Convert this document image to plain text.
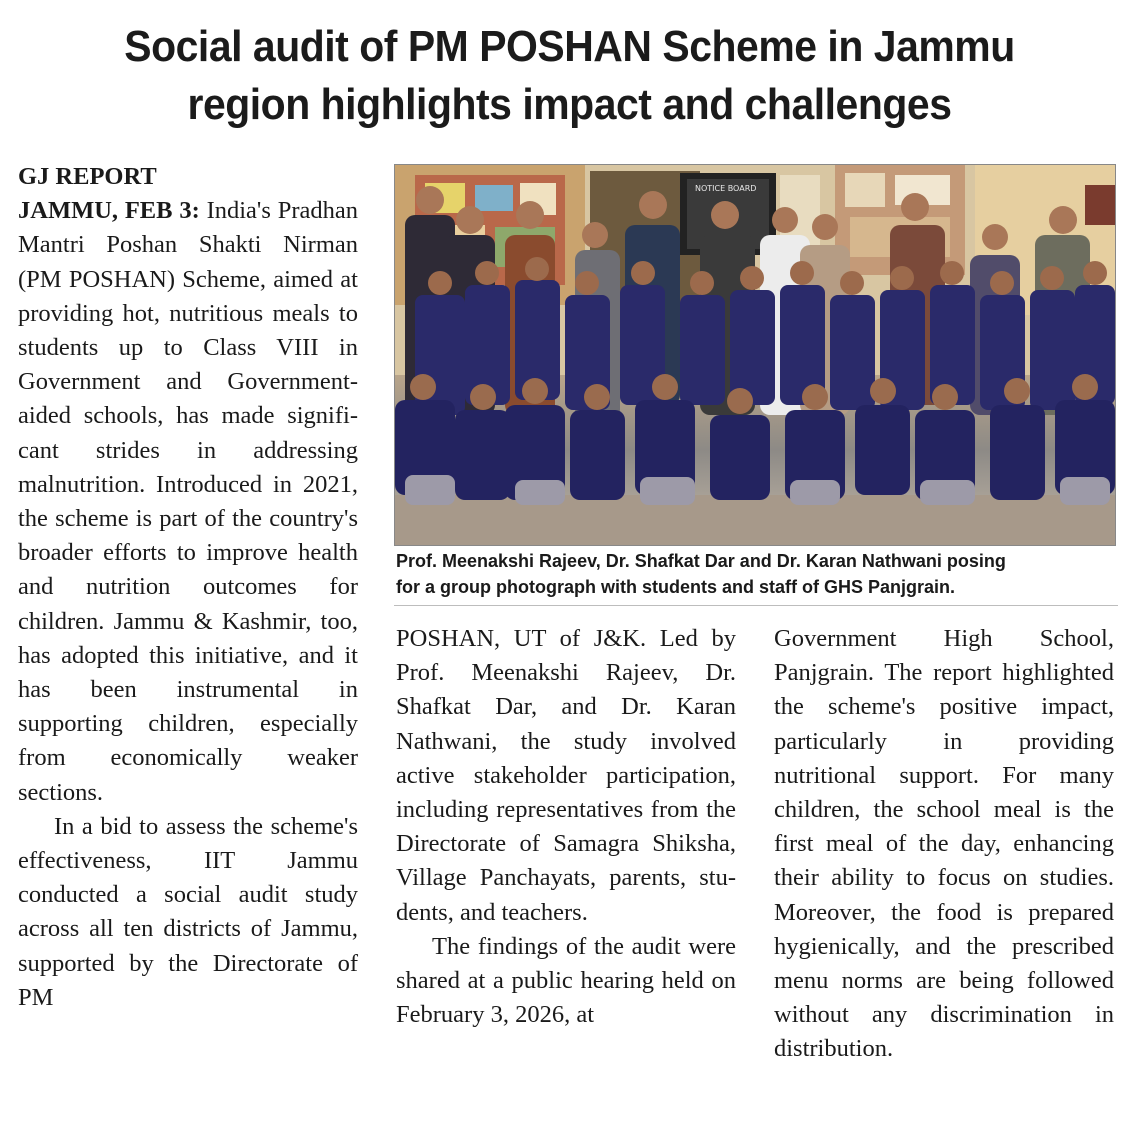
Social audit of PM POSHAN Scheme in Jammu
region highlights impact and challenges

GJ REPORT

JAMMU, FEB 3: India's Pradhan Mantri Poshan Shakti Nirman (PM POSHAN) Scheme, aimed at providing hot, nutritious meals to students up to Class VIII in Government and Government-aided schools, has made significant strides in addressing malnutrition. Introduced in 2021, the scheme is part of the country's broader efforts to improve health and nutrition outcomes for children. Jammu & Kashmir, too, has adopted this initiative, and it has been instrumental in supporting children, especially from economically weaker sections.

In a bid to assess the scheme's effectiveness, IIT Jammu conducted a social audit study across all ten districts of Jammu, supported by the Directorate of PM

NOTICE BOARD
Prof. Meenakshi Rajeev, Dr. Shafkat Dar and Dr. Karan Nathwani posing
for a group photograph with students and staff of GHS Panjgrain.

POSHAN, UT of J&K. Led by Prof. Meenakshi Rajeev, Dr. Shafkat Dar, and Dr. Karan Nathwani, the study involved active stakeholder participation, including representatives from the Directorate of Samagra Shiksha, Village Panchayats, parents, students, and teachers.

The findings of the audit were shared at a public hearing held on February 3, 2026, at

Government High School, Panjgrain. The report highlighted the scheme's positive impact, particularly in providing nutritional support. For many children, the school meal is the first meal of the day, enhancing their ability to focus on studies. Moreover, the food is prepared hygienically, and the prescribed menu norms are being followed without any discrimination in distribution.
